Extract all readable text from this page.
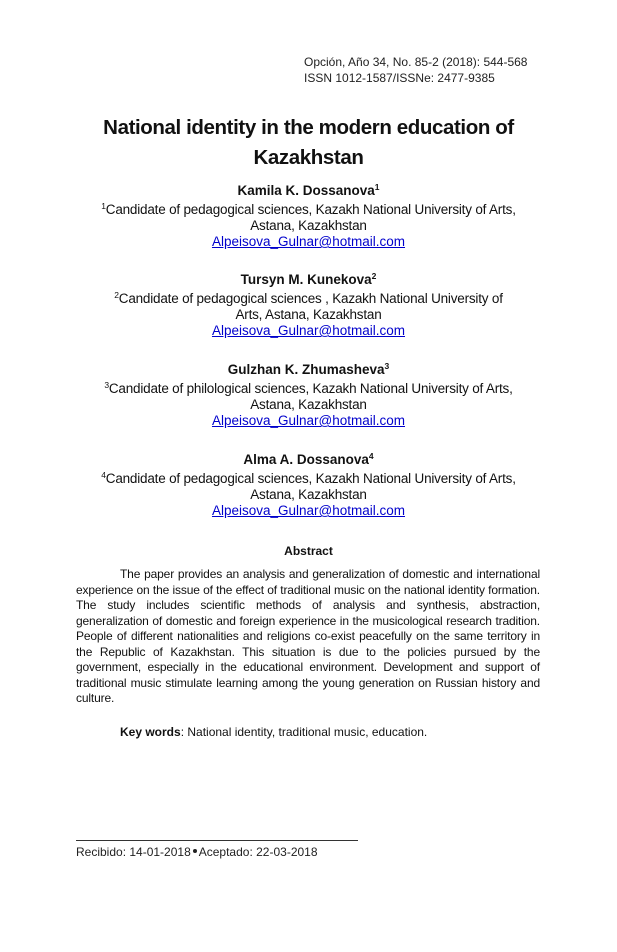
Opción, Año 34, No. 85-2 (2018): 544-568
ISSN 1012-1587/ISSNe: 2477-9385
National identity in the modern education of
Kazakhstan
Kamila K. Dossanova$^1$
$^1$Candidate of pedagogical sciences, Kazakh National University of Arts,
Astana, Kazakhstan
Alpeisova_Gulnar@hotmail.com
Tursyn M. Kunekova$^2$
$^2$Candidate of pedagogical sciences , Kazakh National University of
Arts, Astana, Kazakhstan
Alpeisova_Gulnar@hotmail.com
Gulzhan K. Zhumasheva$^3$
$^3$Candidate of philological sciences, Kazakh National University of Arts,
Astana, Kazakhstan
Alpeisova_Gulnar@hotmail.com
Alma A. Dossanova$^4$
$^4$Candidate of pedagogical sciences, Kazakh National University of Arts,
Astana, Kazakhstan
Alpeisova_Gulnar@hotmail.com
Abstract
The paper provides an analysis and generalization of domestic and international experience on the issue of the effect of traditional music on the national identity formation. The study includes scientific methods of analysis and synthesis, abstraction, generalization of domestic and foreign experience in the musicological research tradition. People of different nationalities and religions co-exist peacefully on the same territory in the Republic of Kazakhstan. This situation is due to the policies pursued by the government, especially in the educational environment. Development and support of traditional music stimulate learning among the young generation on Russian history and culture.
Key words: National identity, traditional music, education.
Recibido: 14-01-2018 Aceptado: 22-03-2018
